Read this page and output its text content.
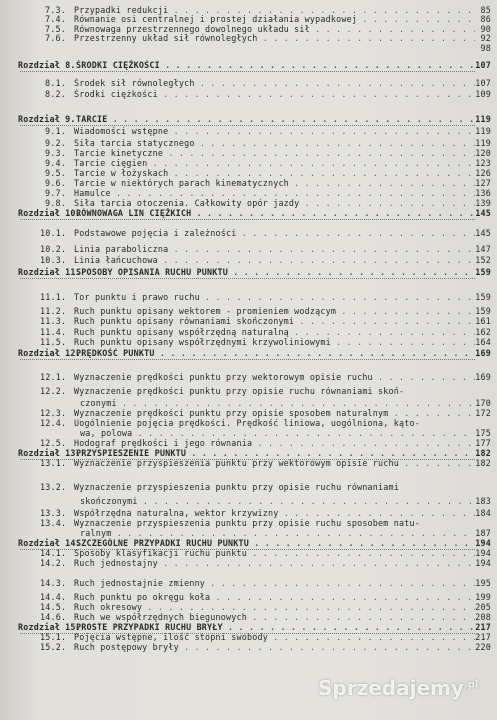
7.3. Przypadki redukcji . . .	85
7.4. Równanie osi centralnej i prostej działania wypadkowej . . .	86
7.5. Równowaga przestrzennego dowolnego układu sił . . .	90
7.6. Przestrzenny układ sił równoległych . . .	92
98
Rozdział 8. ŚRODKI CIĘŻKOŚCI . . .	107
8.1. Środek sił równoległych . . .	107
8.2. Środki ciężkości . . .	109
Rozdział 9. TARCIE . . .	119
9.1. Wiadomości wstępne . . .	119
9.2. Siła tarcia statycznego . . .	119
9.3. Tarcie kinetyczne . . .	120
9.4. Tarcie cięgien . . .	123
9.5. Tarcie w łożyskach . . .	126
9.6. Tarcie w niektórych parach kinematycznych . . .	127
9.7. Hamulce . . .	136
9.8. Siła tarcia otoczenia. Całkowity opór jazdy . . .	139
Rozdział 10.
RÓWNOWAGA LIN CIĘŻKICH . . .	145
10.1. Podstawowe pojęcia i zależności . . .	145
10.2. Linia paraboliczna . . .	147
10.3. Linia łańcuchowa . . .	152
Rozdział 11.
SPOSOBY OPISANIA RUCHU PUNKTU . . .	159
11.1. Tor punktu i prawo ruchu . . .	159
11.2. Ruch punktu opisany wektorem - promieniem wodzącym . . .	159
11.3. Ruch punktu opisany równaniami skończonymi . . .	161
11.4. Ruch punktu opisany współrzędną naturalną . . .	162
11.5. Ruch punktu opisany współrzędnymi krzywoliniowymi . . .	164
Rozdział 12.
PRĘDKOŚĆ PUNKTU . . .	169
12.1. Wyznaczenie prędkości punktu przy wektorowym opisie ruchu . . .	169
12.2. Wyznaczenie prędkości punktu przy opisie ruchu równaniami skoń-
czonymi . . .	170
12.3. Wyznaczenie prędkości punktu przy opisie sposobem naturalnym . . .	172
12.4. Uogólnienie pojęcia prędkości. Prędkość liniowa, uogólniona, kąto-
wa, polowa . . .	175
12.5. Hodograf prędkości i jego równania . . .	177
Rozdział 13.
PRZYSPIESZENIE PUNKTU . . .	182
13.1. Wyznaczenie przyspieszenia punktu przy wektorowym opisie ruchu . . .	182
13.2. Wyznaczenie przyspieszenia punktu przy opisie ruchu równaniami
skończonymi . . .	183
13.3. Współrzędna naturalna, wektor krzywizny . . .	184
13.4. Wyznaczenie przyspieszenia punktu przy opisie ruchu sposobem natu-
ralnym . . .	187
Rozdział 14.
SZCZEGÓLNE PRZYPADKI RUCHU PUNKTU . . .	194
14.1. Sposoby klasyfikacji ruchu punktu . . .	194
14.2. Ruch jednostajny . . .	194
14.3. Ruch jednostajnie zmienny . . .	195
14.4. Ruch punktu po okręgu koła . . .	199
14.5. Ruch okresowy . . .	205
14.6. Ruch we współrzędnych biegunowych . . .	208
Rozdział 15.
PROSTE PRZYPADKI RUCHU BRYŁY . . .	217
15.1. Pojęcia wstępne, ilość stopni swobody . . .	217
15.2. Ruch postępowy bryły . . .	220
Sprzedajemy$^{.pl}$
